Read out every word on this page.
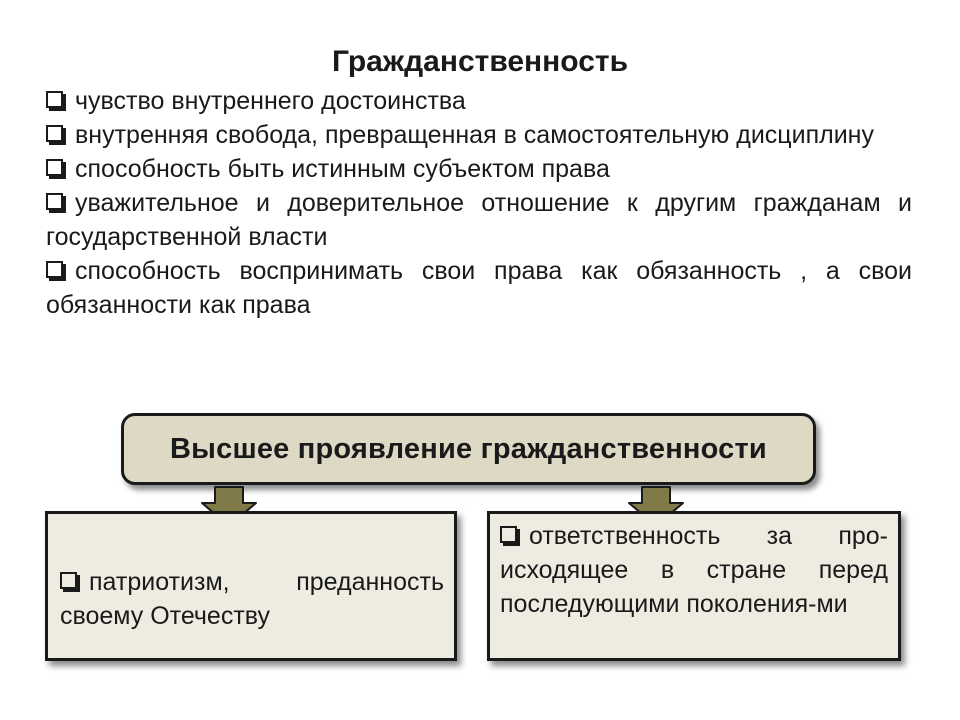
Гражданственность
чувство внутреннего достоинства
внутренняя свобода, превращенная в самостоятельную дисциплину
способность быть истинным субъектом права
уважительное и доверительное отношение к другим гражданам и государственной власти
способность воспринимать свои права как обязанность , а свои обязанности как права
Высшее проявление гражданственности
патриотизм, преданность своему Отечеству
ответственность за про-исходящее в стране перед последующими поколения-ми
